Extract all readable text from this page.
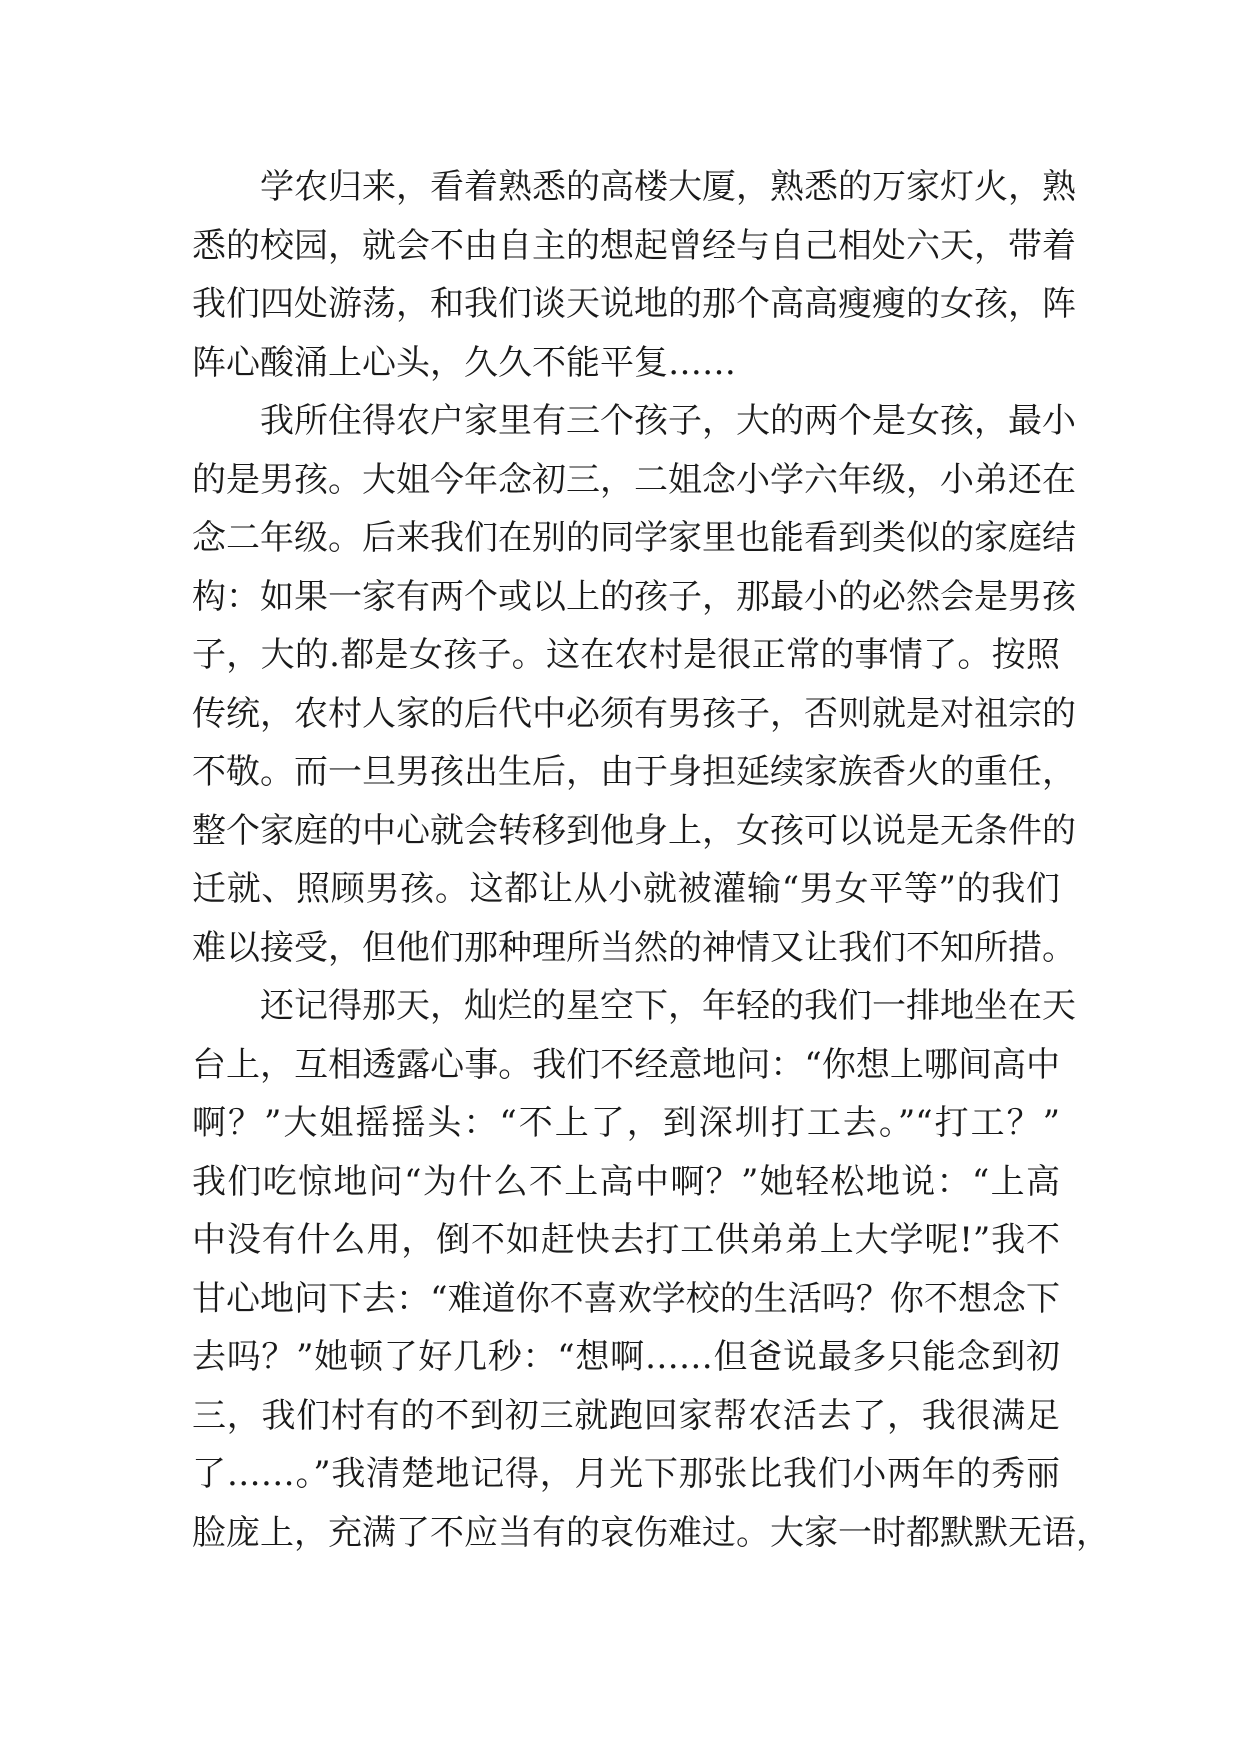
学农归来，看着熟悉的高楼大厦，熟悉的万家灯火，熟
悉的校园，就会不由自主的想起曾经与自己相处六天，带着
我们四处游荡，和我们谈天说地的那个高高瘦瘦的女孩，阵
阵心酸涌上心头，久久不能平复……
我所住得农户家里有三个孩子，大的两个是女孩，最小
的是男孩。大姐今年念初三，二姐念小学六年级，小弟还在
念二年级。后来我们在别的同学家里也能看到类似的家庭结
构：如果一家有两个或以上的孩子，那最小的必然会是男孩
子，大的.都是女孩子。这在农村是很正常的事情了。按照
传统，农村人家的后代中必须有男孩子，否则就是对祖宗的
不敬。而一旦男孩出生后，由于身担延续家族香火的重任，
整个家庭的中心就会转移到他身上，女孩可以说是无条件的
迁就、照顾男孩。这都让从小就被灌输“男女平等”的我们
难以接受，但他们那种理所当然的神情又让我们不知所措。
还记得那天，灿烂的星空下，年轻的我们一排地坐在天
台上，互相透露心事。我们不经意地问：“你想上哪间高中
啊？”大姐摇摇头：“不上了，到深圳打工去。”“打工？”
我们吃惊地问“为什么不上高中啊？”她轻松地说：“上高
中没有什么用，倒不如赶快去打工供弟弟上大学呢!”我不
甘心地问下去：“难道你不喜欢学校的生活吗？你不想念下
去吗？”她顿了好几秒：“想啊……但爸说最多只能念到初
三，我们村有的不到初三就跑回家帮农活去了，我很满足
了……。”我清楚地记得，月光下那张比我们小两年的秀丽
脸庞上，充满了不应当有的哀伤难过。大家一时都默默无语，
